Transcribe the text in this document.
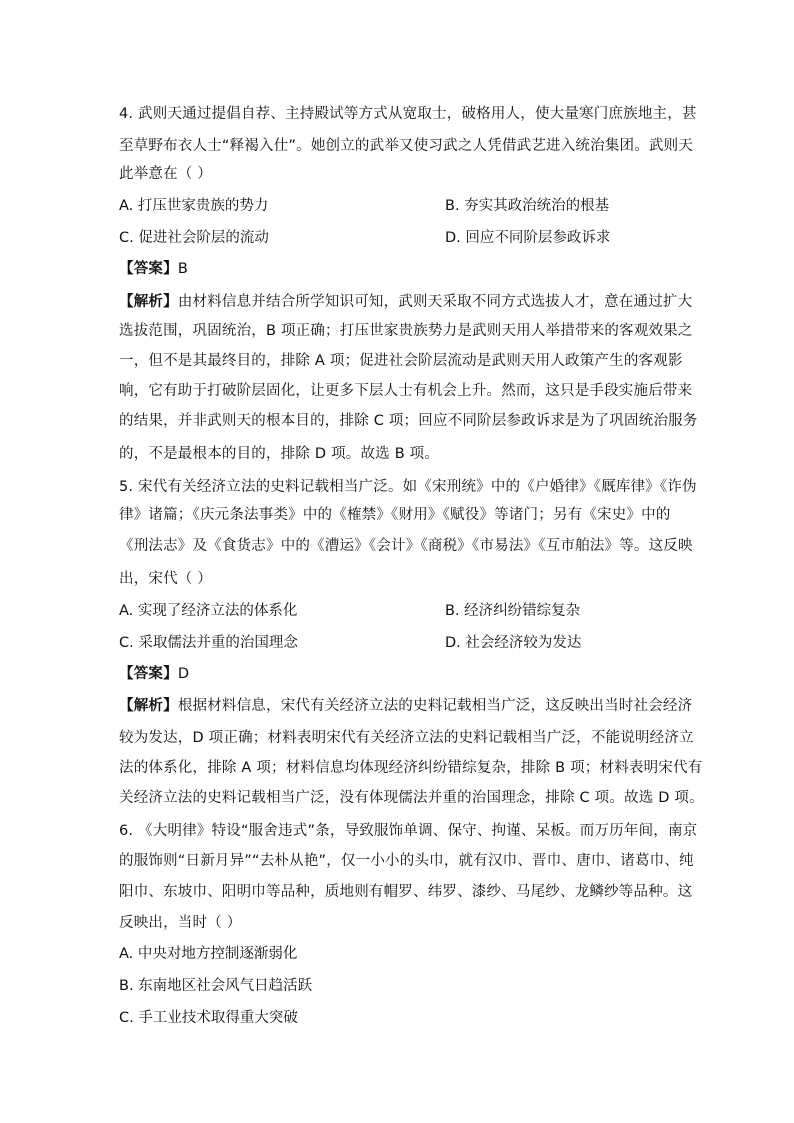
4. 武则天通过提倡自荐、主持殿试等方式从宽取士，破格用人，使大量寒门庶族地主，甚
至草野布衣人士“释褐入仕”。她创立的武举又使习武之人凭借武艺进入统治集团。武则天
此举意在（ ）
A. 打压世家贵族的势力	B. 夯实其政治统治的根基
C. 促进社会阶层的流动	D. 回应不同阶层参政诉求
【答案】B
【解析】由材料信息并结合所学知识可知，武则天采取不同方式选拔人才，意在通过扩大
选拔范围，巩固统治，B 项正确；打压世家贵族势力是武则天用人举措带来的客观效果之
一，但不是其最终目的，排除 A 项；促进社会阶层流动是武则天用人政策产生的客观影
响，它有助于打破阶层固化，让更多下层人士有机会上升。然而，这只是手段实施后带来
的结果，并非武则天的根本目的，排除 C 项；回应不同阶层参政诉求是为了巩固统治服务
的，不是最根本的目的，排除 D 项。故选 B 项。
5. 宋代有关经济立法的史料记载相当广泛。如《宋刑统》中的《户婚律》《厩库律》《诈伪
律》诸篇；《庆元条法事类》中的《榷禁》《财用》《赋役》等诸门；另有《宋史》中的
《刑法志》及《食货志》中的《漕运》《会计》《商税》《市易法》《互市舶法》等。这反映
出，宋代（ ）
A. 实现了经济立法的体系化	B. 经济纠纷错综复杂
C. 采取儒法并重的治国理念	D. 社会经济较为发达
【答案】D
【解析】根据材料信息，宋代有关经济立法的史料记载相当广泛，这反映出当时社会经济
较为发达，D 项正确；材料表明宋代有关经济立法的史料记载相当广泛，不能说明经济立
法的体系化，排除 A 项；材料信息均体现经济纠纷错综复杂，排除 B 项；材料表明宋代有
关经济立法的史料记载相当广泛，没有体现儒法并重的治国理念，排除 C 项。故选 D 项。
6. 《大明律》特设“服舍违式”条，导致服饰单调、保守、拘谨、呆板。而万历年间，南京
的服饰则“日新月异”“去朴从艳”，仅一小小的头巾，就有汉巾、晋巾、唐巾、诸葛巾、纯
阳巾、东坡巾、阳明巾等品种，质地则有帽罗、纬罗、漆纱、马尾纱、龙鳞纱等品种。这
反映出，当时（ ）
A. 中央对地方控制逐渐弱化
B. 东南地区社会风气日趋活跃
C. 手工业技术取得重大突破
